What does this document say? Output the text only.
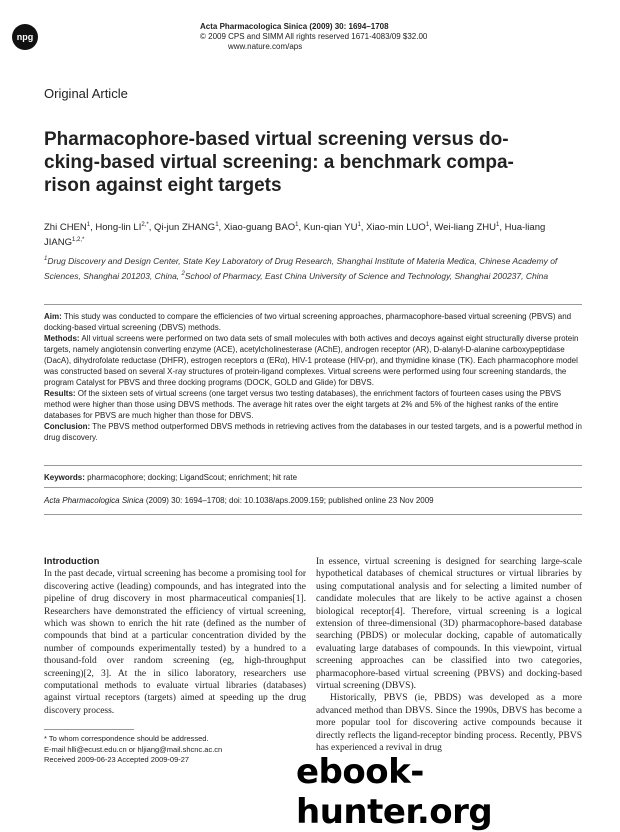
npg
Acta Pharmacologica Sinica (2009) 30: 1694–1708
© 2009 CPS and SIMM All rights reserved 1671-4083/09 $32.00
www.nature.com/aps
Original Article
Pharmacophore-based virtual screening versus do-
cking-based virtual screening: a benchmark compa-
rison against eight targets
Zhi CHEN$^1$, Hong-lin $LI^{2,*}$, Qi-jun ZHANG$^1$, Xiao-guang BAO$^1$, Kun-qian $YU^1$, Xiao-min LUO$^1$, Wei-liang ZHU$^1$, Hua-liang $JIANG^{1,2,*}$
$^1$Drug Discovery and Design Center, State Key Laboratory of Drug Research, Shanghai Institute of Materia Medica, Chinese Academy of Sciences, Shanghai 201203, China, $^2$School of Pharmacy, East China University of Science and Technology, Shanghai 200237, China

Aim: This study was conducted to compare the efficiencies of two virtual screening approaches, pharmacophore-based virtual screening (PBVS) and docking-based virtual screening (DBVS) methods.

Methods: All virtual screens were performed on two data sets of small molecules with both actives and decoys against eight structurally diverse protein targets, namely angiotensin converting enzyme (ACE), acetylcholinesterase (AChE), androgen receptor (AR), D-alanyl-D-alanine carboxypeptidase (DacA), dihydrofolate reductase (DHFR), estrogen receptors α (ERα), HIV-1 protease (HIV-pr), and thymidine kinase (TK). Each pharmacophore model was constructed based on several X-ray structures of protein-ligand complexes. Virtual screens were performed using four screening standards, the program Catalyst for PBVS and three docking programs (DOCK, GOLD and Glide) for DBVS.

Results: Of the sixteen sets of virtual screens (one target versus two testing databases), the enrichment factors of fourteen cases using the PBVS method were higher than those using DBVS methods. The average hit rates over the eight targets at 2% and 5% of the highest ranks of the entire databases for PBVS are much higher than those for DBVS.

Conclusion: The PBVS method outperformed DBVS methods in retrieving actives from the databases in our tested targets, and is a powerful method in drug discovery.

Keywords: pharmacophore; docking; LigandScout; enrichment; hit rate
Acta Pharmacologica Sinica (2009) 30: 1694–1708; doi: 10.1038/aps.2009.159; published online 23 Nov 2009
Introduction

In the past decade, virtual screening has become a promising tool for discovering active (leading) compounds, and has integrated into the pipeline of drug discovery in most pharmaceutical companies[1]. Researchers have demonstrated the efficiency of virtual screening, which was shown to enrich the hit rate (defined as the number of compounds that bind at a particular concentration divided by the number of compounds experimentally tested) by a hundred to a thousand-fold over random screening (eg, high-throughput screening)[2, 3]. At the in silico laboratory, researchers use computational methods to evaluate virtual libraries (databases) against virtual receptors (targets) aimed at speeding up the drug discovery process.

In essence, virtual screening is designed for searching large-scale hypothetical databases of chemical structures or virtual libraries by using computational analysis and for selecting a limited number of candidate molecules that are likely to be active against a chosen biological receptor[4]. Therefore, virtual screening is a logical extension of three-dimensional (3D) pharmacophore-based database searching (PBDS) or molecular docking, capable of automatically evaluating large databases of compounds. In this viewpoint, virtual screening approaches can be classified into two categories, pharmacophore-based virtual screening (PBVS) and docking-based virtual screening (DBVS).

Historically, PBVS (ie, PBDS) was developed as a more advanced method than DBVS. Since the 1990s, DBVS has become a more popular tool for discovering active compounds because it directly reflects the ligand-receptor binding process. Recently, PBVS has experienced a revival in drug

* To whom correspondence should be addressed.
E-mail hlli@ecust.edu.cn or hljiang@mail.shcnc.ac.cn
Received 2009-06-23 Accepted 2009-09-27	ebook-hunter.org
